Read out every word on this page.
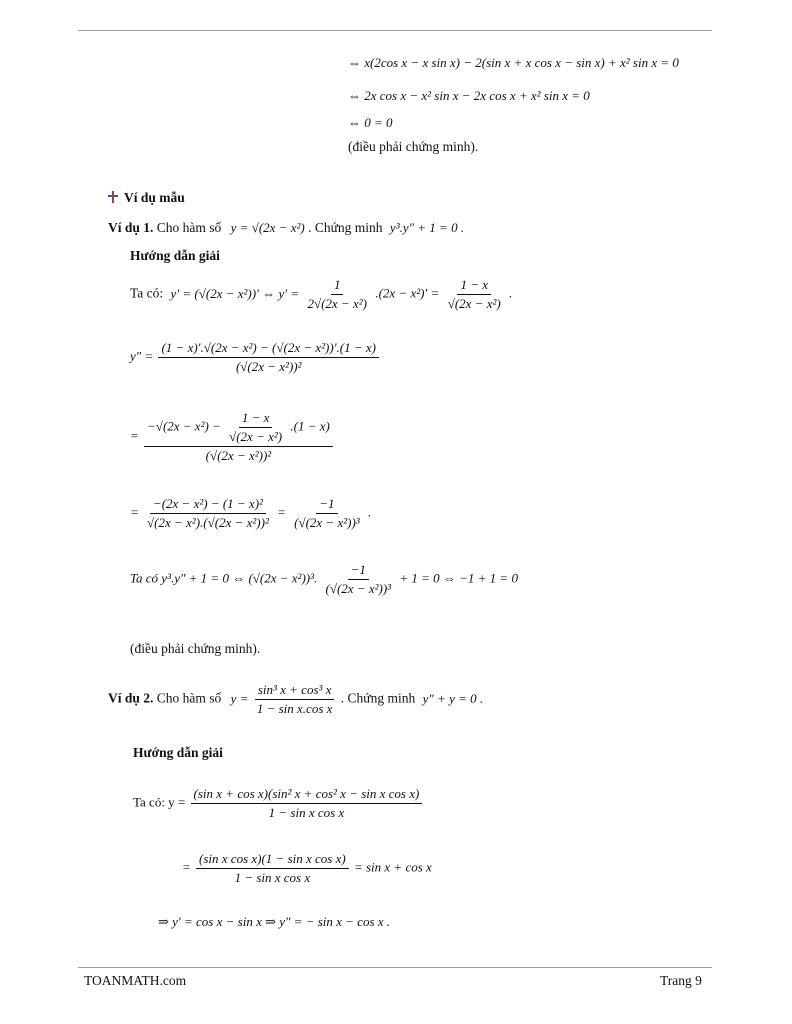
⇔ x(2cos x − x sin x) − 2(sin x + x cos x − sin x) + x² sin x = 0
⇔ 2x cos x − x² sin x − 2x cos x + x² sin x = 0
⇔ 0 = 0
(điều phải chứng minh).
Ví dụ mẫu
Ví dụ 1. Cho hàm số y = √(2x − x²) . Chứng minh y³.y″ + 1 = 0 .
Hướng dẫn giải
Ta có: y′ = (√(2x − x²))′ ⇔ $y' = \frac{1}{\text{2√(2x − x²)}} .(2x - x^2)' = \frac{1 - x}{\text{√(2x − x²)}}$ .
$y'' = \frac{\text{(1 − x)′.√(2x − x²) − (√(2x − x²))′.(1 − x)}}{\text{(√(2x − x²))²}}$
= $\frac{-√(2x - x^2) - \frac{1 - x}{\text{√(2x − x²)}} .(1 - x)}{\text{(√(2x − x²))²}}$
= $\frac{\text{−(2x − x²) − (1 − x)²}}{\text{√(2x − x²).(√(2x − x²))²}} = \frac{-1}{\text{(√(2x − x²))³}}$ .
Ta có y³.y″ + 1 = 0 ⇔ (√(2x − x²))³. $\frac{-1}{\text{(√(2x − x²))³}} + 1 = 0$ ⇔ −1 + 1 = 0
(điều phải chứng minh).
Ví dụ 2. Cho hàm số $y = \frac{\text{sin³ x + cos³ x}}{\text{1 − sin x.cos x}}$ . Chứng minh y″ + y = 0 .
Hướng dẫn giải
Ta có: $y = \frac{\text{(sin x + cos x)(sin² x + cos² x − sin x cos x)}}{\text{1 − sin x cos x}}$
= $\frac{\text{(sin x cos x)(1 − sin x cos x)}}{\text{1 − sin x cos x}} = \sin x + \cos x$
⇒ y′ = cos x − sin x ⇒ y″ = − sin x − cos x .
TOANMATH.com	Trang 9
